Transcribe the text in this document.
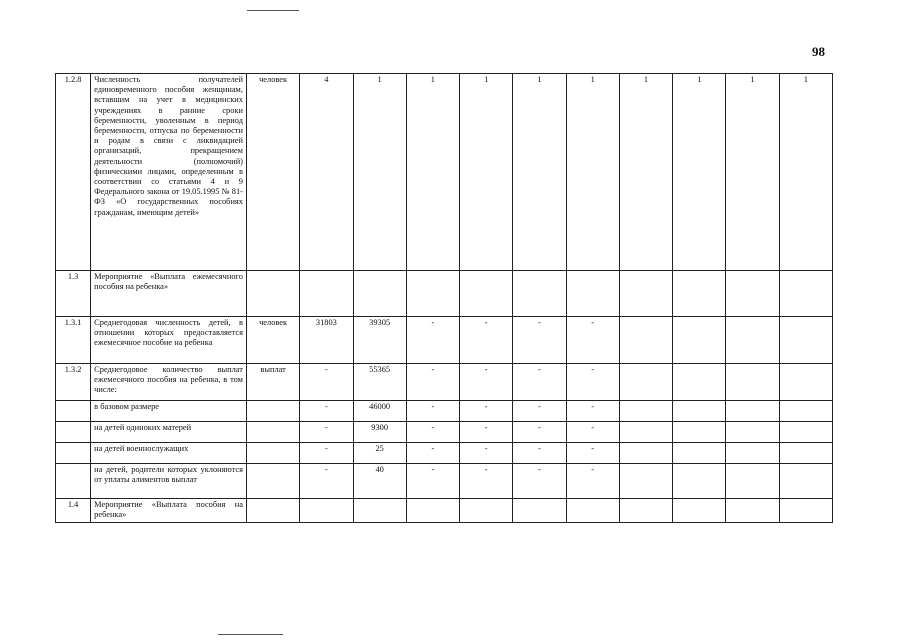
98
1.2.8	Численность получателей единовременного пособия женщинам, вставшим на учет в медицинских учреждениях в ранние сроки беременности, уволенным в период беременности, отпуска по беременности и родам в связи с ликвидацией организаций, прекращением деятельности (полномочий) физическими лицами, определенным в соответствии со статьями 4 и 9 Федерального закона от 19.05.1995 № 81-ФЗ «О государственных пособиях гражданам, имеющим детей»	человек	4	1	1	1	1	1	1	1	1	1
1.3	Мероприятие «Выплата ежемесячного пособия на ребенка»											
1.3.1	Среднегодовая численность детей, в отношении которых предоставляется ежемесячное пособие на ребенка	человек	31803	39305	-	-	-	-				
1.3.2	Среднегодовое количество выплат ежемесячного пособия на ребенка, в том числе:	выплат	-	55365	-	-	-	-				
	в базовом размере		-	46000	-	-	-	-				
	на детей одиноких матерей		-	9300	-	-	-	-				
	на детей военнослужащих		-	25	-	-	-	-				
	на детей, родители которых уклоняются от уплаты алиментов выплат		-	40	-	-	-	-				
1.4	Мероприятие «Выплата пособия на ребенка»											
